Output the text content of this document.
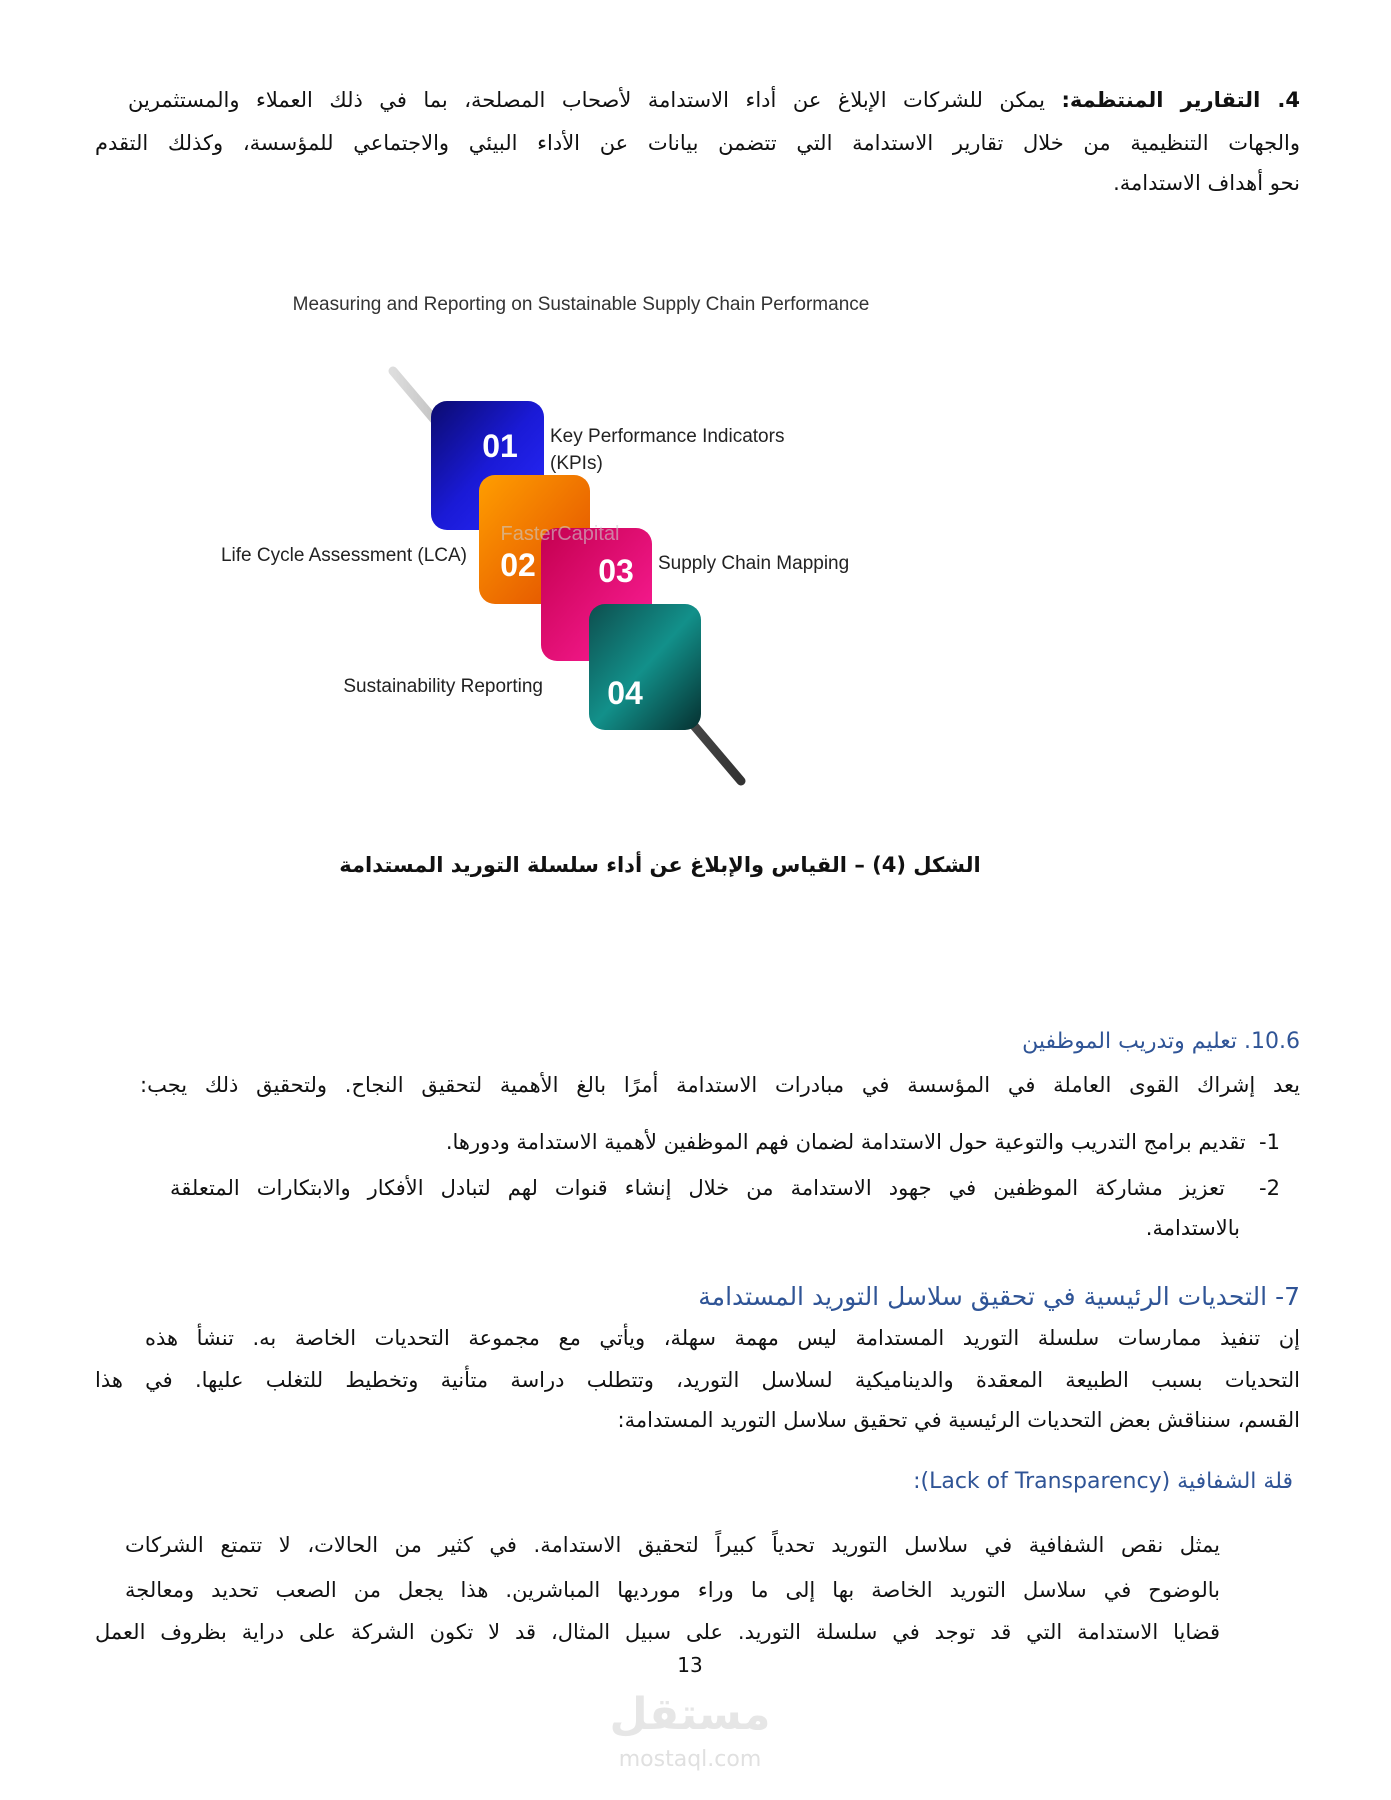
4. التقارير المنتظمة: يمكن للشركات الإبلاغ عن أداء الاستدامة لأصحاب المصلحة، بما في ذلك العملاء والمستثمرين
والجهات التنظيمية من خلال تقارير الاستدامة التي تتضمن بيانات عن الأداء البيئي والاجتماعي للمؤسسة، وكذلك التقدم
نحو أهداف الاستدامة.
Measuring and Reporting on Sustainable Supply Chain Performance
FasterCapital
01
02 03
04
Key Performance Indicators
(KPIs)
Life Cycle Assessment (LCA)	Supply Chain Mapping
Sustainability Reporting
الشكل (4) – القياس والإبلاغ عن أداء سلسلة التوريد المستدامة
10.6. تعليم وتدريب الموظفين
يعد إشراك القوى العاملة في المؤسسة في مبادرات الاستدامة أمرًا بالغ الأهمية لتحقيق النجاح. ولتحقيق ذلك يجب:
1-  تقديم برامج التدريب والتوعية حول الاستدامة لضمان فهم الموظفين لأهمية الاستدامة ودورها.
2-  تعزيز مشاركة الموظفين في جهود الاستدامة من خلال إنشاء قنوات لهم لتبادل الأفكار والابتكارات المتعلقة
بالاستدامة.
7- التحديات الرئيسية في تحقيق سلاسل التوريد المستدامة
إن تنفيذ ممارسات سلسلة التوريد المستدامة ليس مهمة سهلة، ويأتي مع مجموعة التحديات الخاصة به. تنشأ هذه
التحديات بسبب الطبيعة المعقدة والديناميكية لسلاسل التوريد، وتتطلب دراسة متأنية وتخطيط للتغلب عليها. في هذا
القسم، سنناقش بعض التحديات الرئيسية في تحقيق سلاسل التوريد المستدامة:
قلة الشفافية (Lack of Transparency):
يمثل نقص الشفافية في سلاسل التوريد تحدياً كبيراً لتحقيق الاستدامة. في كثير من الحالات، لا تتمتع الشركات
بالوضوح في سلاسل التوريد الخاصة بها إلى ما وراء مورديها المباشرين. هذا يجعل من الصعب تحديد ومعالجة
قضايا الاستدامة التي قد توجد في سلسلة التوريد. على سبيل المثال، قد لا تكون الشركة على دراية بظروف العمل
13
مستقل
mostaql.com
